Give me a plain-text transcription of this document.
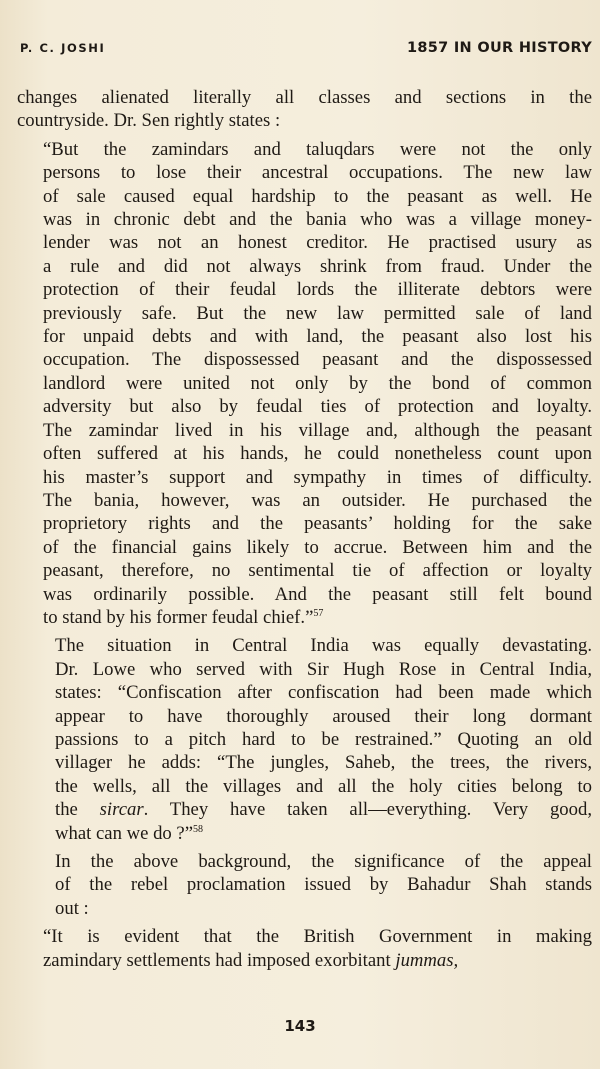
P. C. JOSHI	1857 IN OUR HISTORY

changes alienated literally all classes and sections in the
countryside. Dr. Sen rightly states :

“But the zamindars and taluqdars were not the only
persons to lose their ancestral occupations. The new law
of sale caused equal hardship to the peasant as well. He
was in chronic debt and the bania who was a village money-
lender was not an honest creditor. He practised usury as
a rule and did not always shrink from fraud. Under the
protection of their feudal lords the illiterate debtors were
previously safe. But the new law permitted sale of land
for unpaid debts and with land, the peasant also lost his
occupation. The dispossessed peasant and the dispossessed
landlord were united not only by the bond of common
adversity but also by feudal ties of protection and loyalty.
The zamindar lived in his village and, although the peasant
often suffered at his hands, he could nonetheless count upon
his master’s support and sympathy in times of difficulty.
The bania, however, was an outsider. He purchased the
proprietory rights and the peasants’ holding for the sake
of the financial gains likely to accrue. Between him and the
peasant, therefore, no sentimental tie of affection or loyalty
was ordinarily possible. And the peasant still felt bound
to stand by his former feudal chief.”$^{57}$

The situation in Central India was equally devastating.
Dr. Lowe who served with Sir Hugh Rose in Central India,
states: “Confiscation after confiscation had been made which
appear to have thoroughly aroused their long dormant
passions to a pitch hard to be restrained.” Quoting an old
villager he adds: “The jungles, Saheb, the trees, the rivers,
the wells, all the villages and all the holy cities belong to
the sircar. They have taken all—everything. Very good,
what can we do ?”$^{58}$

In the above background, the significance of the appeal
of the rebel proclamation issued by Bahadur Shah stands
out :

“It is evident that the British Government in making
zamindary settlements had imposed exorbitant jummas,

143
